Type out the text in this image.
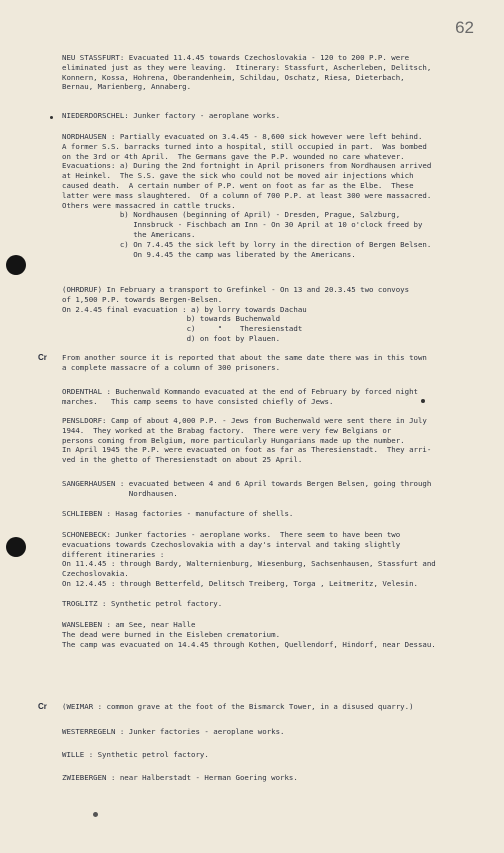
62
Cr
Cr

NEU STASSFURT: Evacuated 11.4.45 towards Czechoslovakia - 120 to 200 P.P. were

eliminated just as they were leaving.  Itinerary: Stassfurt, Ascherleben, Delitsch,

Konnern, Kossa, Hohrena, Oberandenheim, Schildau, Oschatz, Riesa, Dieterbach,

Bernau, Marienberg, Annaberg.

NIEDERDORSCHEL: Junker factory - aeroplane works.

NORDHAUSEN : Partially evacuated on 3.4.45 - 8,600 sick however were left behind.

A former S.S. barracks turned into a hospital, still occupied in part.  Was bombed

on the 3rd or 4th April.  The Germans gave the P.P. wounded no care whatever.

Evacuations: a) During the 2nd fortnight in April prisoners from Nordhausen arrived

at Heinkel.  The S.S. gave the sick who could not be moved air injections which

caused death.  A certain number of P.P. went on foot as far as the Elbe.  These

latter were mass slaughtered.  Of a column of 700 P.P. at least 300 were massacred.

Others were massacred in cattle trucks.

b) Nordhausen (beginning of April) - Dresden, Prague, Salzburg,

Innsbruck - Fischbach am Inn - On 30 April at 10 o'clock freed by

the Americans.

c) On 7.4.45 the sick left by lorry in the direction of Bergen Belsen.

On 9.4.45 the camp was liberated by the Americans.

(OHRDRUF) In February a transport to Grefinkel - On 13 and 20.3.45 two convoys

of 1,500 P.P. towards Bergen-Belsen.

On 2.4.45 final evacuation : a) by lorry towards Dachau

b) towards Buchenwald

c)     "    Theresienstadt

d) on foot by Plauen.

From another source it is reported that about the same date there was in this town

a complete massacre of a column of 300 prisoners.

ORDENTHAL : Buchenwald Kommando evacuated at the end of February by forced night

marches.   This camp seems to have consisted chiefly of Jews.

PENSLDORF: Camp of about 4,000 P.P. - Jews from Buchenwald were sent there in July

1944.  They worked at the Brabag factory.  There were very few Belgians or

persons coming from Belgium, more particularly Hungarians made up the number.

In April 1945 the P.P. were evacuated on foot as far as Theresienstadt.  They arri-

ved in the ghetto of Theresienstadt on about 25 April.

SANGERHAUSEN : evacuated between 4 and 6 April towards Bergen Belsen, going through

Nordhausen.

SCHLIEBEN : Hasag factories - manufacture of shells.

SCHONEBECK: Junker factories - aeroplane works.  There seem to have been two

evacuations towards Czechoslovakia with a day's interval and taking slightly

different itineraries :

On 11.4.45 : through Bardy, Walternienburg, Wiesenburg, Sachsenhausen, Stassfurt and

Czechoslovakia.

On 12.4.45 : through Betterfeld, Delitsch Treiberg, Torga , Leitmeritz, Velesin.

TROGLITZ : Synthetic petrol factory.

WANSLEBEN : am See, near Halle

The dead were burned in the Eisleben crematorium.

The camp was evacuated on 14.4.45 through Kothen, Quellendorf, Hindorf, near Dessau.

(WEIMAR : common grave at the foot of the Bismarck Tower, in a disused quarry.)

WESTERREGELN : Junker factories - aeroplane works.

WILLE : Synthetic petrol factory.

ZWIEBERGEN : near Halberstadt - Herman Goering works.
